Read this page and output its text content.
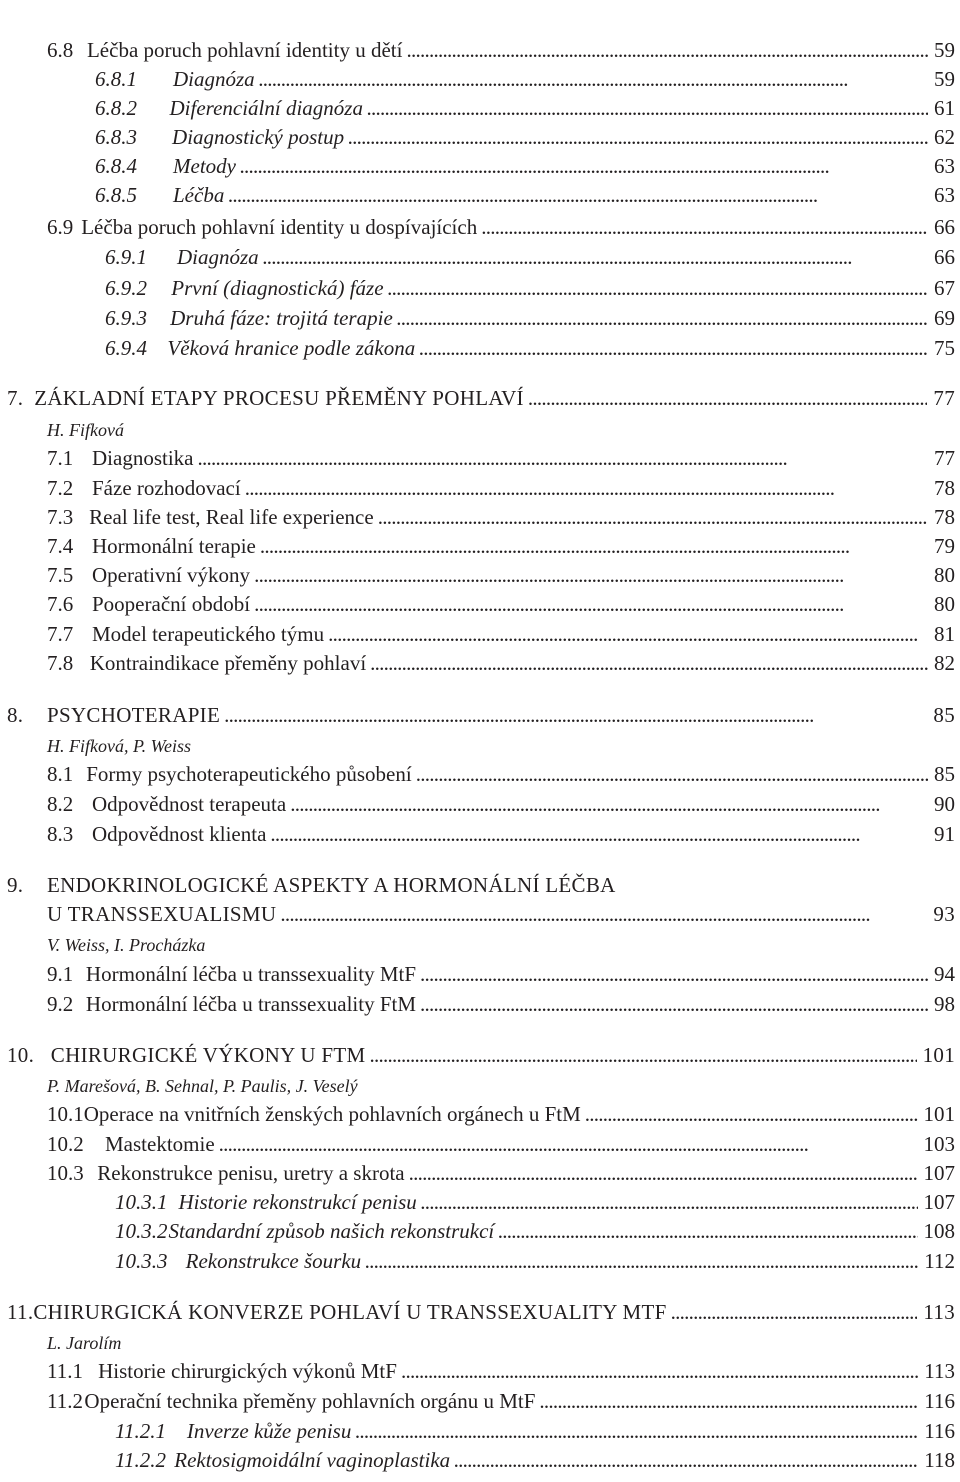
6.8 Léčba poruch pohlavní identity u dětí . . .	59
6.8.1	Diagnóza . . .	59
6.8.2	Diferenciální diagnóza . . .	61
6.8.3	Diagnostický postup . . .	62
6.8.4	Metody . . .	63
6.8.5	Léčba . . .	63
6.9 Léčba poruch pohlavní identity u dospívajících . . .	66
6.9.1	Diagnóza . . .	66
6.9.2	První (diagnostická) fáze . . .	67
6.9.3	Druhá fáze: trojitá terapie . . .	69
6.9.4 Věková hranice podle zákona . . .	75
7. ZÁKLADNÍ ETAPY PROCESU PŘEMĚNY POHLAVÍ . . .	77
H. Fifková
7.1 Diagnostika . . .	77
7.2 Fáze rozhodovací . . .	78
7.3 Real life test, Real life experience . . .	78
7.4 Hormonální terapie . . .	79
7.5 Operativní výkony . . .	80
7.6 Pooperační období . . .	80
7.7 Model terapeutického týmu . . .	81
7.8 Kontraindikace přeměny pohlaví . . .	82
8.	PSYCHOTERAPIE . . .	85
H. Fifková, P. Weiss
8.1 Formy psychoterapeutického působení . . .	85
8.2 Odpovědnost terapeuta . . .	90
8.3 Odpovědnost klienta . . .	91
9. ENDOKRINOLOGICKÉ ASPEKTY A HORMONÁLNÍ LÉČBA
U TRANSSEXUALISMU . . .	93
V. Weiss, I. Procházka
9.1 Hormonální léčba u transsexuality MtF . . .	94
9.2 Hormonální léčba u transsexuality FtM . . .	98
10. CHIRURGICKÉ VÝKONY U FTM . . .	101
P. Marešová, B. Sehnal, P. Paulis, J. Veselý
10.1 Operace na vnitřních ženských pohlavních orgánech u FtM . . .	101
10.2	Mastektomie . . .	103
10.3 Rekonstrukce penisu, uretry a skrota . . .	107
10.3.1 Historie rekonstrukcí penisu . . .	107
10.3.2 Standardní způsob našich rekonstrukcí . . .	108
10.3.3 Rekonstrukce šourku . . .	112
11. CHIRURGICKÁ KONVERZE POHLAVÍ U TRANSSEXUALITY MTF . . .	113
L. Jarolím
11.1 Historie chirurgických výkonů MtF . . .	113
11.2 Operační technika přeměny pohlavních orgánu u MtF . . .	116
11.2.1 Inverze kůže penisu . . .	116
11.2.2 Rektosigmoidální vaginoplastika . . .	118
